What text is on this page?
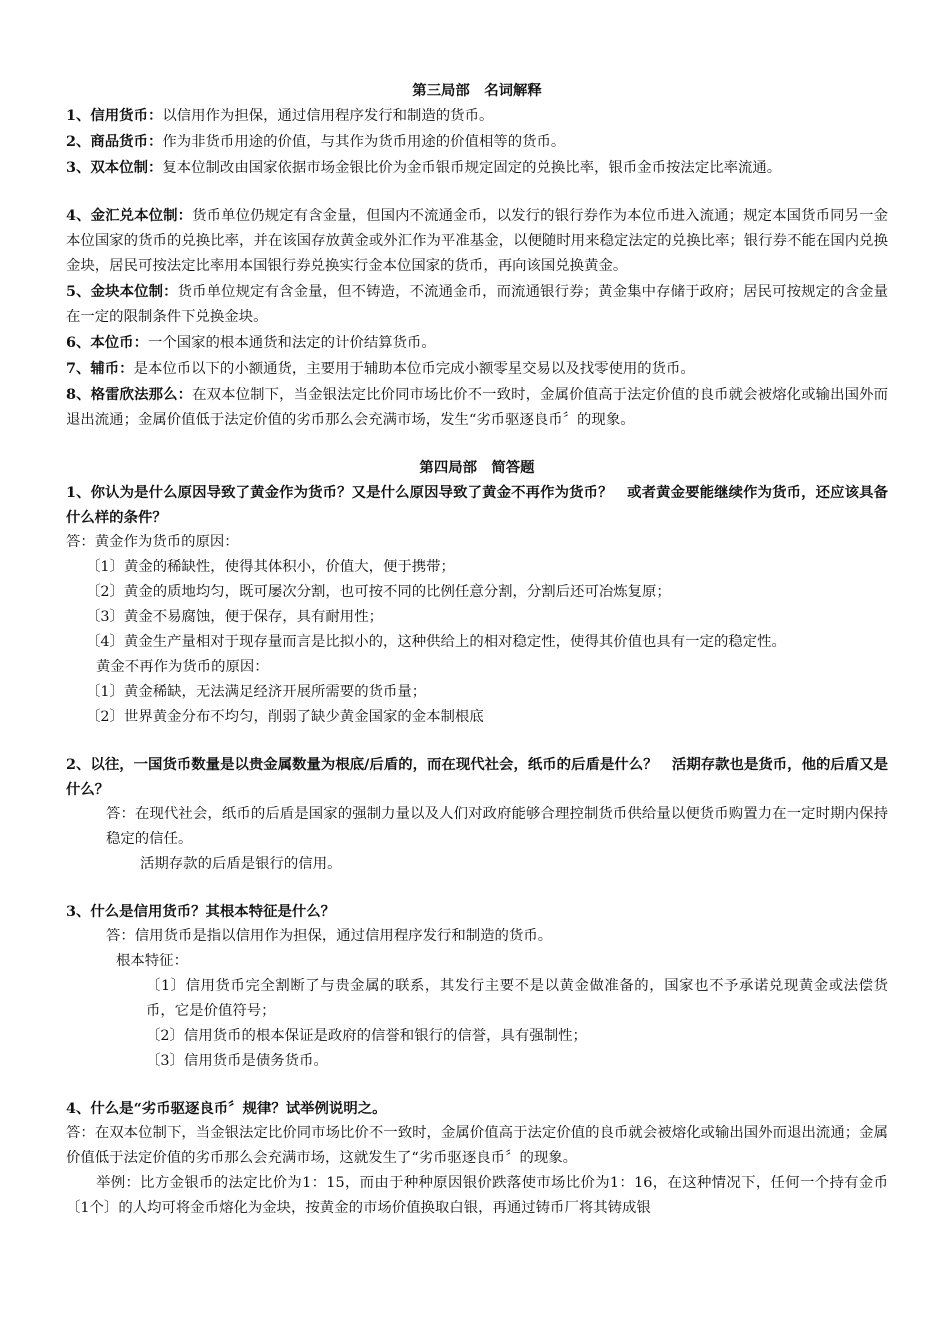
第三局部　名词解释

1、信用货币：以信用作为担保，通过信用程序发行和制造的货币。

2、商品货币：作为非货币用途的价值，与其作为货币用途的价值相等的货币。

3、双本位制：复本位制改由国家依据市场金银比价为金币银币规定固定的兑换比率，银币金币按法定比率流通。

4、金汇兑本位制：货币单位仍规定有含金量，但国内不流通金币，以发行的银行券作为本位币进入流通；规定本国货币同另一金本位国家的货币的兑换比率，并在该国存放黄金或外汇作为平准基金，以便随时用来稳定法定的兑换比率；银行券不能在国内兑换金块，居民可按法定比率用本国银行券兑换实行金本位国家的货币，再向该国兑换黄金。

5、金块本位制：货币单位规定有含金量，但不铸造，不流通金币，而流通银行券；黄金集中存储于政府；居民可按规定的含金量在一定的限制条件下兑换金块。

6、本位币：一个国家的根本通货和法定的计价结算货币。

7、辅币：是本位币以下的小额通货，主要用于辅助本位币完成小额零星交易以及找零使用的货币。

8、格雷欣法那么：在双本位制下，当金银法定比价同市场比价不一致时，金属价值高于法定价值的良币就会被熔化或输出国外而退出流通；金属价值低于法定价值的劣币那么会充满市场，发生“劣币驱逐良币〞的现象。

第四局部　简答题

1、你认为是什么原因导致了黄金作为货币？又是什么原因导致了黄金不再作为货币？　或者黄金要能继续作为货币，还应该具备什么样的条件？

答：黄金作为货币的原因：

〔1〕黄金的稀缺性，使得其体积小，价值大，便于携带；

〔2〕黄金的质地均匀，既可屡次分割，也可按不同的比例任意分割，分割后还可冶炼复原；

〔3〕黄金不易腐蚀，便于保存，具有耐用性；

〔4〕黄金生产量相对于现存量而言是比拟小的，这种供给上的相对稳定性，使得其价值也具有一定的稳定性。

黄金不再作为货币的原因：

〔1〕黄金稀缺，无法满足经济开展所需要的货币量；

〔2〕世界黄金分布不均匀，削弱了缺少黄金国家的金本制根底

2、以往，一国货币数量是以贵金属数量为根底/后盾的，而在现代社会，纸币的后盾是什么？　活期存款也是货币，他的后盾又是什么？

答：在现代社会，纸币的后盾是国家的强制力量以及人们对政府能够合理控制货币供给量以便货币购置力在一定时期内保持稳定的信任。

活期存款的后盾是银行的信用。

3、什么是信用货币？其根本特征是什么？

答：信用货币是指以信用作为担保，通过信用程序发行和制造的货币。

根本特征：

〔1〕信用货币完全割断了与贵金属的联系，其发行主要不是以黄金做准备的，国家也不予承诺兑现黄金或法偿货币，它是价值符号；

〔2〕信用货币的根本保证是政府的信誉和银行的信誉，具有强制性；

〔3〕信用货币是债务货币。

4、什么是“劣币驱逐良币〞规律？试举例说明之。

答：在双本位制下，当金银法定比价同市场比价不一致时，金属价值高于法定价值的良币就会被熔化或输出国外而退出流通；金属价值低于法定价值的劣币那么会充满市场，这就发生了“劣币驱逐良币〞的现象。

举例：比方金银币的法定比价为1：15，而由于种种原因银价跌落使市场比价为1：16，在这种情况下，任何一个持有金币〔1个〕的人均可将金币熔化为金块，按黄金的市场价值换取白银，再通过铸币厂将其铸成银
